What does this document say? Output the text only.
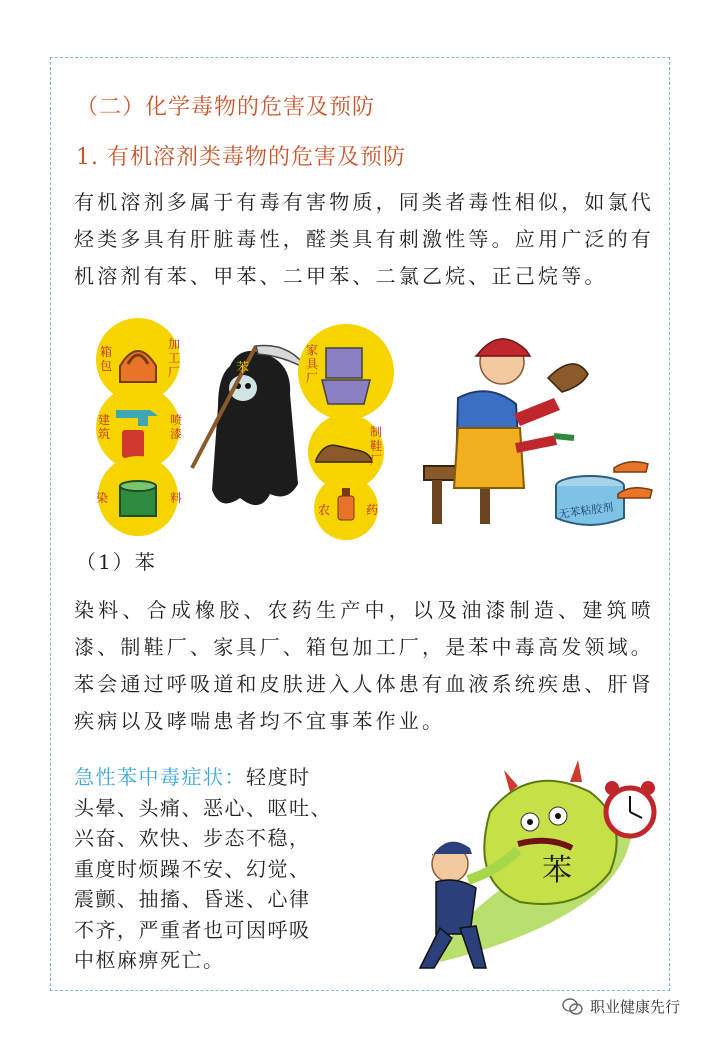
（二）化学毒物的危害及预防
1. 有机溶剂类毒物的危害及预防
有机溶剂多属于有毒有害物质，同类者毒性相似，如氯代烃类多具有肝脏毒性，醛类具有刺激性等。应用广泛的有机溶剂有苯、甲苯、二甲苯、二氯乙烷、正己烷等。
箱包
加工厂
建筑
喷漆
染	料
苯
家具厂
制鞋厂
农	药	无苯粘胶剂
（1）苯
染料、合成橡胶、农药生产中，以及油漆制造、建筑喷漆、制鞋厂、家具厂、箱包加工厂，是苯中毒高发领域。苯会通过呼吸道和皮肤进入人体患有血液系统疾患、肝肾疾病以及哮喘患者均不宜事苯作业。
急性苯中毒症状：轻度时
头晕、头痛、恶心、呕吐、
兴奋、欢快、步态不稳，
重度时烦躁不安、幻觉、
震颤、抽搐、昏迷、心律
不齐，严重者也可因呼吸
中枢麻痹死亡。
苯
职业健康先行
